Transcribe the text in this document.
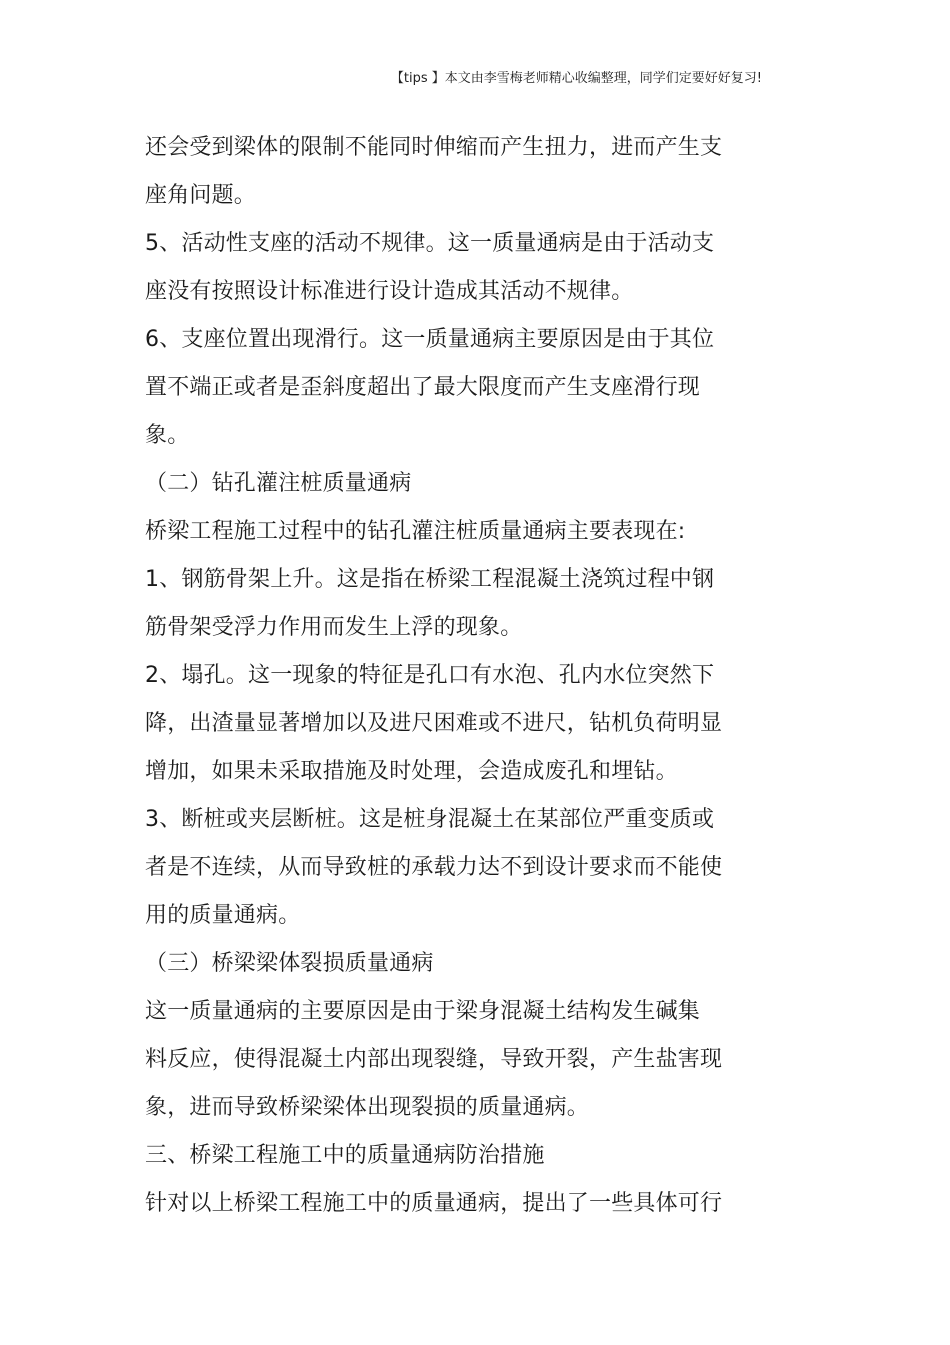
【tips 】本文由李雪梅老师精心收编整理，同学们定要好好复习!
还会受到梁体的限制不能同时伸缩而产生扭力，进而产生支
座角问题。
5、活动性支座的活动不规律。这一质量通病是由于活动支
座没有按照设计标准进行设计造成其活动不规律。
6、支座位置出现滑行。这一质量通病主要原因是由于其位
置不端正或者是歪斜度超出了最大限度而产生支座滑行现
象。
（二）钻孔灌注桩质量通病
桥梁工程施工过程中的钻孔灌注桩质量通病主要表现在:
1、钢筋骨架上升。这是指在桥梁工程混凝土浇筑过程中钢
筋骨架受浮力作用而发生上浮的现象。
2、塌孔。这一现象的特征是孔口有水泡、孔内水位突然下
降，出渣量显著增加以及进尺困难或不进尺，钻机负荷明显
增加，如果未采取措施及时处理，会造成废孔和埋钻。
3、断桩或夹层断桩。这是桩身混凝土在某部位严重变质或
者是不连续，从而导致桩的承载力达不到设计要求而不能使
用的质量通病。
（三）桥梁梁体裂损质量通病
这一质量通病的主要原因是由于梁身混凝土结构发生碱集
料反应，使得混凝土内部出现裂缝，导致开裂，产生盐害现
象，进而导致桥梁梁体出现裂损的质量通病。
三、桥梁工程施工中的质量通病防治措施
针对以上桥梁工程施工中的质量通病，提出了一些具体可行
